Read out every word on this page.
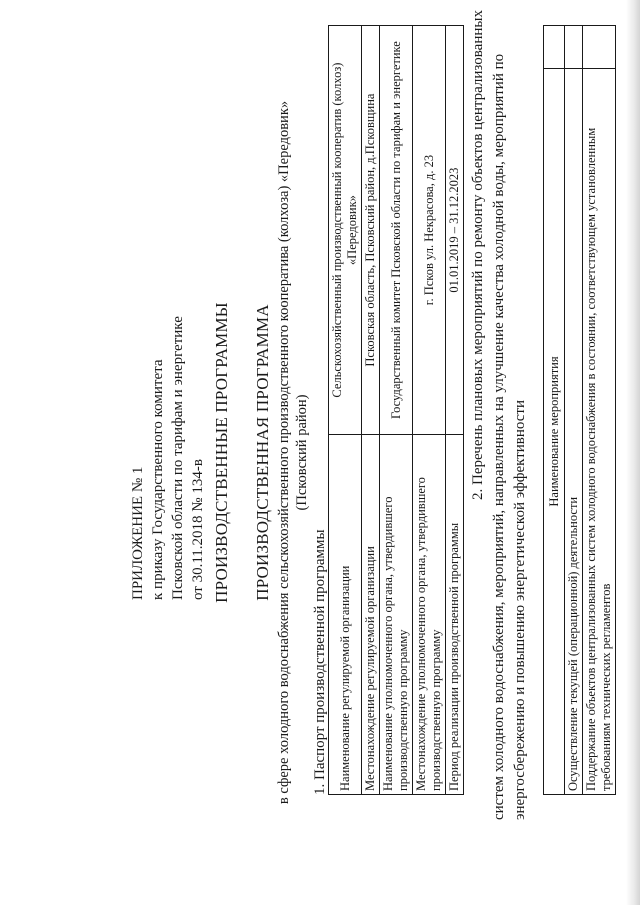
ПРИЛОЖЕНИЕ № 1 к приказу Государственного комитета Псковской области по тарифам и энергетике от 30.11.2018 № 134-в ПРОИЗВОДСТВЕННЫЕ ПРОГРАММЫ ПРОИЗВОДСТВЕННАЯ ПРОГРАММА в сфере холодного водоснабжения сельскохозяйственного производственного кооператива (колхоза) «Передовик» (Псковский район)
1. Паспорт производственной программы Наименование регулируемой организации	Сельскохозяйственный производственный кооператив (колхоз) «Передовик»
Местонахождение регулируемой организации	Псковская область, Псковский район, д.Псковщина
Наименование уполномоченного органа, утвердившего производственную программу	Государственный комитет Псковской области по тарифам и энергетике
Местонахождение уполномоченного органа, утвердившего производственную программу	г. Псков ул. Некрасова, д. 23
Период реализации производственной программы	01.01.2019 – 31.12.2023 2. Перечень плановых мероприятий по ремонту объектов централизованных систем холодного водоснабжения, мероприятий, направленных на улучшение качества холодной воды, мероприятий по энергосбережению и повышению энергетической эффективности Наименование мероприятия	
Осуществление текущей (операционной) деятельности	
Поддержание объектов централизованных систем холодного водоснабжения в состоянии, соответствующем установленным требованиям технических регламентов	
